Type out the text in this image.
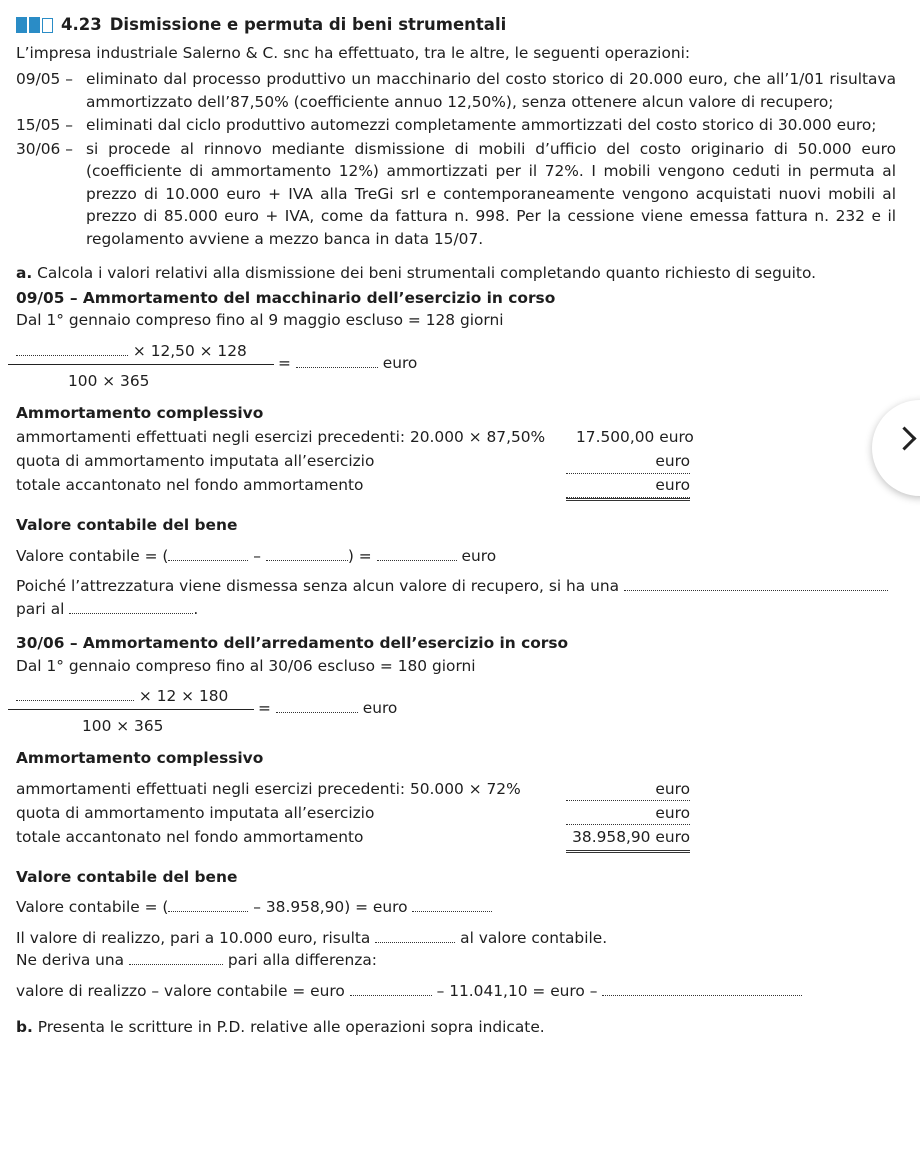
4.23 Dismissione e permuta di beni strumentali

L’impresa industriale Salerno & C. snc ha effettuato, tra le altre, le seguenti operazioni:

09/05 – eliminato dal processo produttivo un macchinario del costo storico di 20.000 euro, che all’1/01 risultava ammortizzato dell’87,50% (coefficiente annuo 12,50%), senza ottenere alcun valore di recupero;
15/05 – eliminati dal ciclo produttivo automezzi completamente ammortizzati del costo storico di 30.000 euro;
30/06 – si procede al rinnovo mediante dismissione di mobili d’ufficio del costo originario di 50.000 euro (coefficiente di ammortamento 12%) ammortizzati per il 72%. I mobili vengono ceduti in permuta al prezzo di 10.000 euro + IVA alla TreGi srl e contemporaneamente vengono acquistati nuovi mobili al prezzo di 85.000 euro + IVA, come da fattura n. 998. Per la cessione viene emessa fattura n. 232 e il regolamento avviene a mezzo banca in data 15/07.

a. Calcola i valori relativi alla dismissione dei beni strumentali completando quanto richiesto di seguito.

09/05 – Ammortamento del macchinario dell’esercizio in corso

Dal 1° gennaio compreso fino al 9 maggio escluso = 128 giorni

× 12,50 × 128
100 × 365
=	euro

Ammortamento complessivo

ammortamenti effettuati negli esercizi precedenti: 20.000 × 87,50% 17.500,00 euro
quota di ammortamento imputata all’esercizio	euro
totale accantonato nel fondo ammortamento	euro

Valore contabile del bene

Valore contabile = (	–	) =	euro

Poiché l’attrezzatura viene dismessa senza alcun valore di recupero, si ha una
pari al	.

30/06 – Ammortamento dell’arredamento dell’esercizio in corso

Dal 1° gennaio compreso fino al 30/06 escluso = 180 giorni

× 12 × 180
100 × 365
=	euro

Ammortamento complessivo

ammortamenti effettuati negli esercizi precedenti: 50.000 × 72%	euro
quota di ammortamento imputata all’esercizio	euro
totale accantonato nel fondo ammortamento	38.958,90 euro

Valore contabile del bene

Valore contabile = (	– 38.958,90) = euro

Il valore di realizzo, pari a 10.000 euro, risulta	al valore contabile.

Ne deriva una	pari alla differenza:

valore di realizzo – valore contabile = euro	– 11.041,10 = euro –

b. Presenta le scritture in P.D. relative alle operazioni sopra indicate.
